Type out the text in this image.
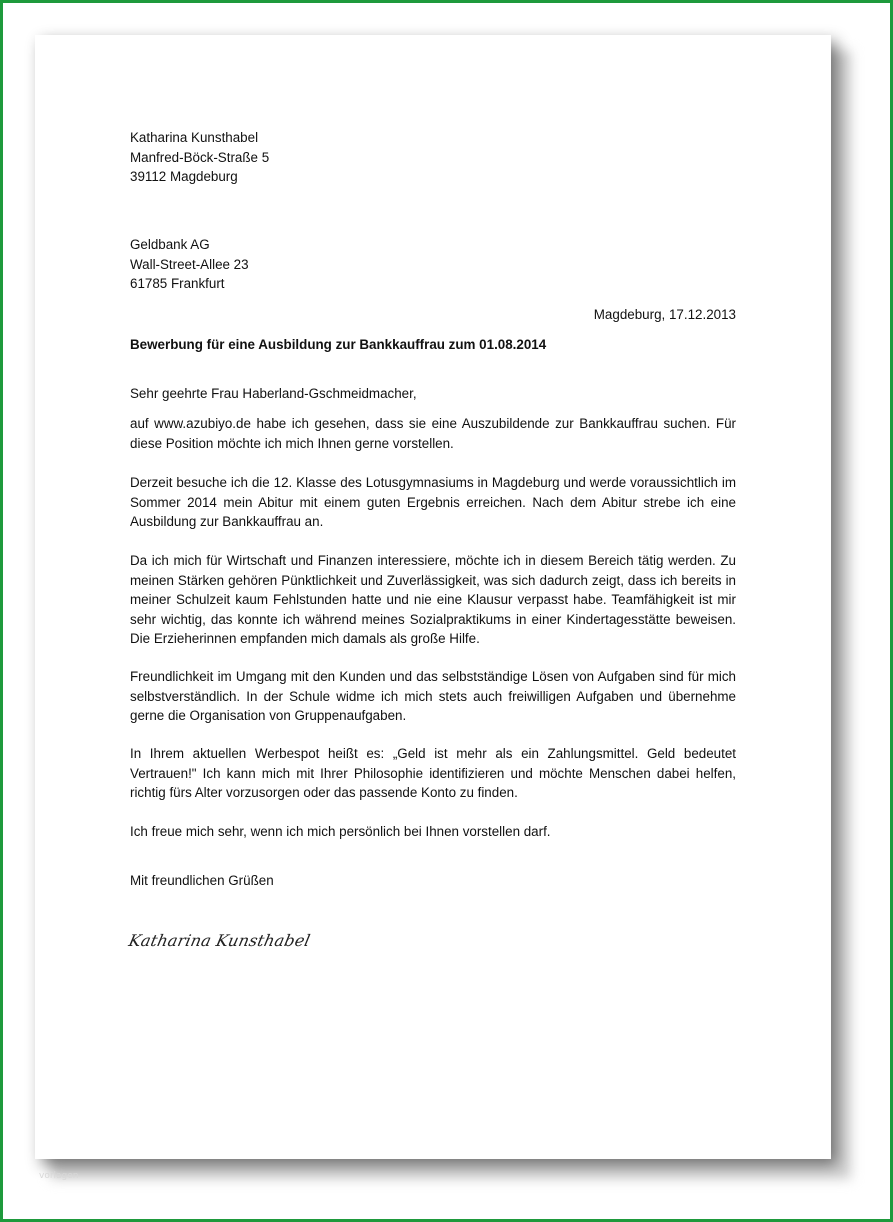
Katharina Kunsthabel

Manfred-Böck-Straße 5

39112 Magdeburg

Geldbank AG

Wall-Street-Allee 23

61785 Frankfurt

Magdeburg, 17.12.2013
Bewerbung für eine Ausbildung zur Bankkauffrau zum 01.08.2014
Sehr geehrte Frau Haberland-Gschmeidmacher,
auf www.azubiyo.de habe ich gesehen, dass sie eine Auszubildende zur Bankkauffrau suchen. Für diese Position möchte ich mich Ihnen gerne vorstellen.
Derzeit besuche ich die 12. Klasse des Lotusgymnasiums in Magdeburg und werde voraussichtlich im Sommer 2014 mein Abitur mit einem guten Ergebnis erreichen. Nach dem Abitur strebe ich eine Ausbildung zur Bankkauffrau an.
Da ich mich für Wirtschaft und Finanzen interessiere, möchte ich in diesem Bereich tätig werden. Zu meinen Stärken gehören Pünktlichkeit und Zuverlässigkeit, was sich dadurch zeigt, dass ich bereits in meiner Schulzeit kaum Fehlstunden hatte und nie eine Klausur verpasst habe. Teamfähigkeit ist mir sehr wichtig, das konnte ich während meines Sozialpraktikums in einer Kindertagesstätte beweisen. Die Erzieherinnen empfanden mich damals als große Hilfe.
Freundlichkeit im Umgang mit den Kunden und das selbstständige Lösen von Aufgaben sind für mich selbstverständlich. In der Schule widme ich mich stets auch freiwilligen Aufgaben und übernehme gerne die Organisation von Gruppenaufgaben.
In Ihrem aktuellen Werbespot heißt es: „Geld ist mehr als ein Zahlungsmittel. Geld bedeutet Vertrauen!" Ich kann mich mit Ihrer Philosophie identifizieren und möchte Menschen dabei helfen, richtig fürs Alter vorzusorgen oder das passende Konto zu finden.
Ich freue mich sehr, wenn ich mich persönlich bei Ihnen vorstellen darf.
Mit freundlichen Grüßen
Katharina Kunsthabel
vorlagen
